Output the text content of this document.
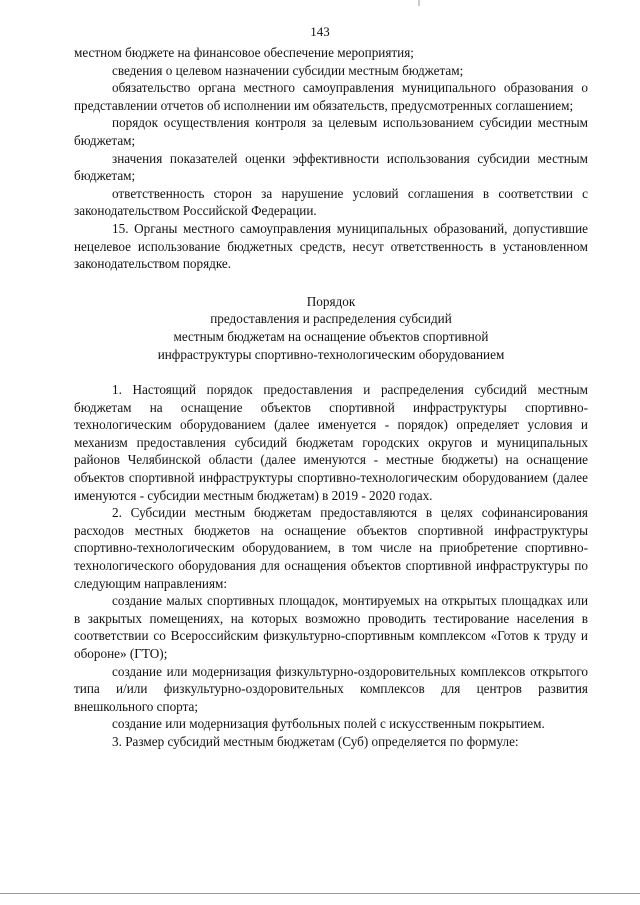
143

местном бюджете на финансовое обеспечение мероприятия;

сведения о целевом назначении субсидии местным бюджетам;

обязательство органа местного самоуправления муниципального образования о представлении отчетов об исполнении им обязательств, предусмотренных соглашением;

порядок осуществления контроля за целевым использованием субсидии местным бюджетам;

значения показателей оценки эффективности использования субсидии местным бюджетам;

ответственность сторон за нарушение условий соглашения в соответствии с законодательством Российской Федерации.

15. Органы местного самоуправления муниципальных образований, допустившие нецелевое использование бюджетных средств, несут ответственность в установленном законодательством порядке.

Порядок
предоставления и распределения субсидий
местным бюджетам на оснащение объектов спортивной
инфраструктуры спортивно-технологическим оборудованием

1. Настоящий порядок предоставления и распределения субсидий местным бюджетам на оснащение объектов спортивной инфраструктуры спортивно-технологическим оборудованием (далее именуется - порядок) определяет условия и механизм предоставления субсидий бюджетам городских округов и муниципальных районов Челябинской области (далее именуются - местные бюджеты) на оснащение объектов спортивной инфраструктуры спортивно-технологическим оборудованием (далее именуются - субсидии местным бюджетам) в 2019 - 2020 годах.

2. Субсидии местным бюджетам предоставляются в целях софинансирования расходов местных бюджетов на оснащение объектов спортивной инфраструктуры спортивно-технологическим оборудованием, в том числе на приобретение спортивно-технологического оборудования для оснащения объектов спортивной инфраструктуры по следующим направлениям:

создание малых спортивных площадок, монтируемых на открытых площадках или в закрытых помещениях, на которых возможно проводить тестирование населения в соответствии со Всероссийским физкультурно-спортивным комплексом «Готов к труду и обороне» (ГТО);

создание или модернизация физкультурно-оздоровительных комплексов открытого типа и/или физкультурно-оздоровительных комплексов для центров развития внешкольного спорта;

создание или модернизация футбольных полей с искусственным покрытием.

3. Размер субсидий местным бюджетам (Суб) определяется по формуле:
